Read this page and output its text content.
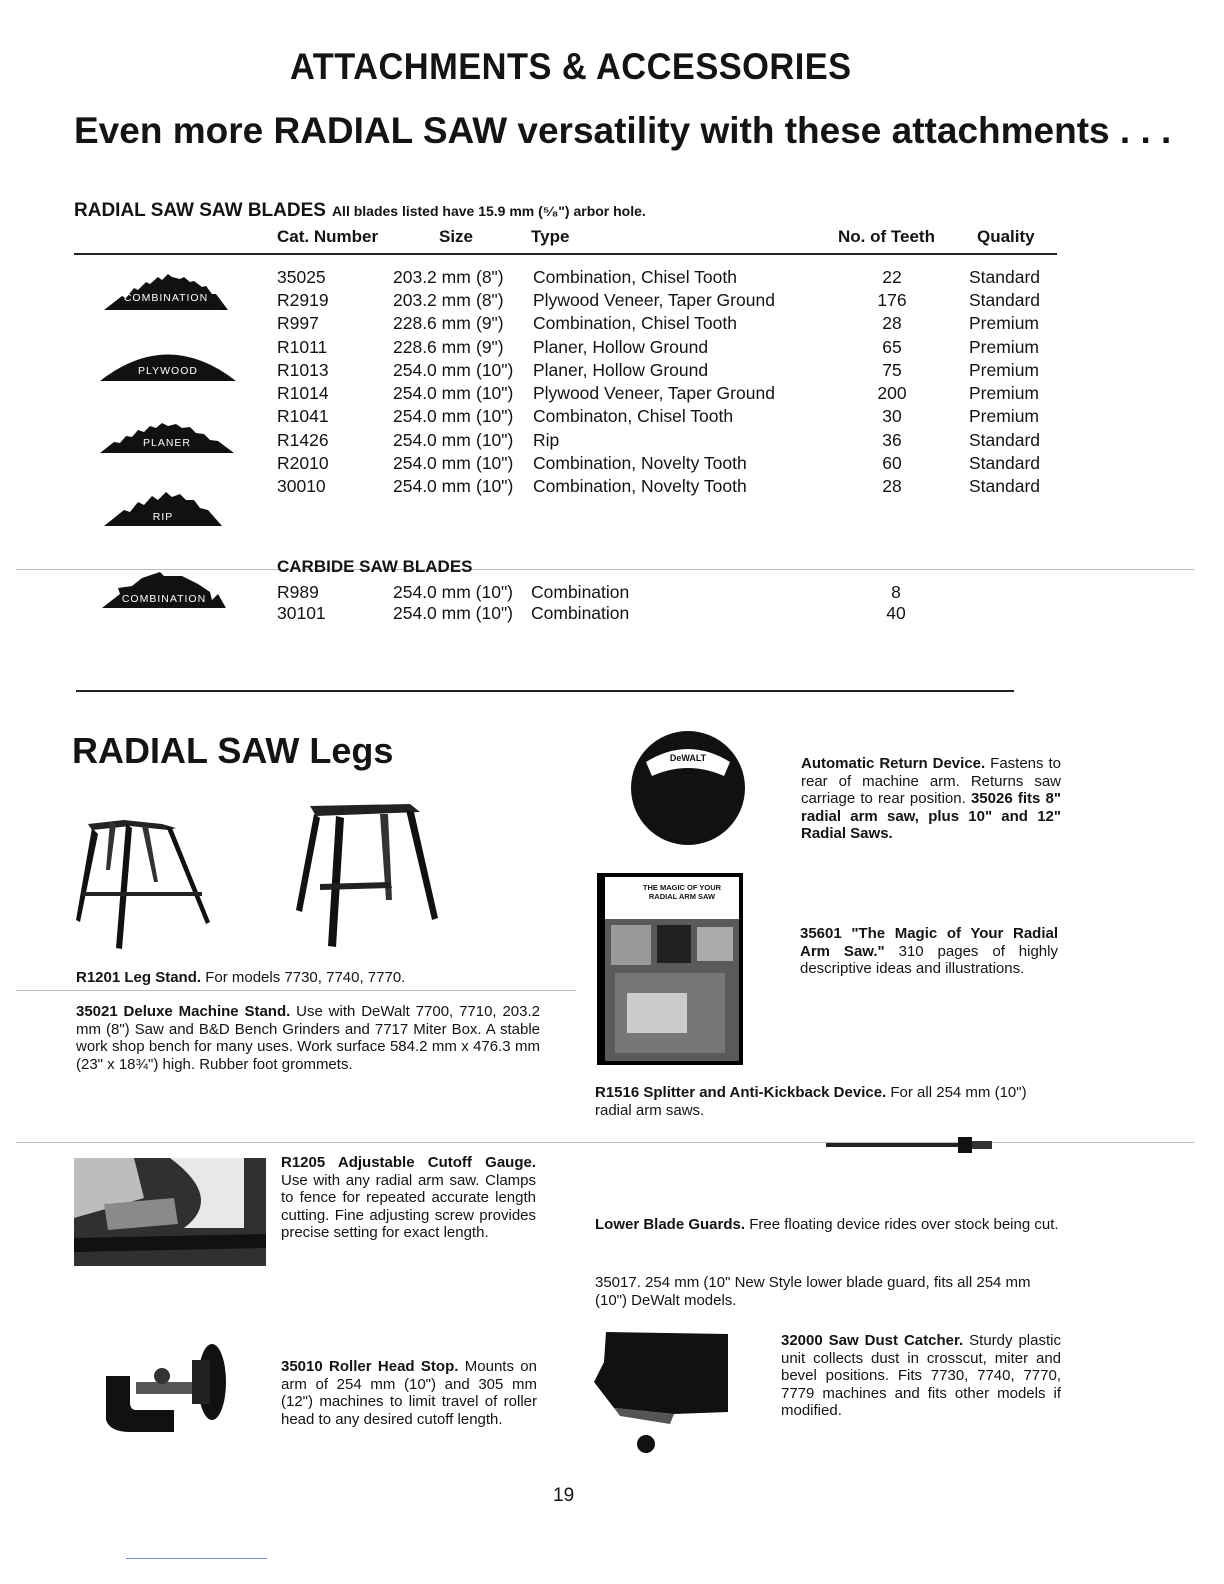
ATTACHMENTS & ACCESSORIES
Even more RADIAL SAW versatility with these attachments . . .
RADIAL SAW SAW BLADES All blades listed have 15.9 mm (⁵⁄₈") arbor hole.
Cat. Number	Size	Type	No. of Teeth Quality
35025	203.2 mm (8") Combination, Chisel Tooth	22	Standard
R2919	203.2 mm (8") Plywood Veneer, Taper Ground	176	Standard
R997	228.6 mm (9") Combination, Chisel Tooth	28	Premium
R1011	228.6 mm (9") Planer, Hollow Ground	65	Premium
R1013	254.0 mm (10") Planer, Hollow Ground	75	Premium
R1014	254.0 mm (10") Plywood Veneer, Taper Ground	200	Premium
R1041	254.0 mm (10") Combinaton, Chisel Tooth	30	Premium
R1426	254.0 mm (10") Rip	36	Standard
R2010	254.0 mm (10") Combination, Novelty Tooth	60	Standard
30010	254.0 mm (10") Combination, Novelty Tooth	28	Standard
COMBINATION
PLYWOOD
PLANER
RIP
COMBINATION
CARBIDE SAW BLADES
R989	254.0 mm (10") Combination	8
30101	254.0 mm (10") Combination	40
RADIAL SAW Legs
R1201 Leg Stand. For models 7730, 7740, 7770.
35021 Deluxe Machine Stand. Use with DeWalt 7700, 7710, 203.2 mm (8") Saw and B&D Bench Grinders and 7717 Miter Box. A stable work shop bench for many uses. Work surface 584.2 mm x 476.3 mm (23" x 18¾") high. Rubber foot grommets.
R1205 Adjustable Cutoff Gauge. Use with any radial arm saw. Clamps to fence for repeated accurate length cutting. Fine adjusting screw provides precise setting for exact length.
35010 Roller Head Stop. Mounts on arm of 254 mm (10") and 305 mm (12") machines to limit travel of roller head to any desired cutoff length.
DeWALT	Automatic Return Device. Fastens to rear of machine arm. Returns saw carriage to rear position. 35026 fits 8" radial arm saw, plus 10" and 12" Radial Saws.
THE MAGIC OF YOUR RADIAL ARM SAW
35601 "The Magic of Your Radial Arm Saw." 310 pages of highly descriptive ideas and illustrations.
R1516 Splitter and Anti-Kickback Device. For all 254 mm (10") radial arm saws.
Lower Blade Guards. Free floating device rides over stock being cut.
35017. 254 mm (10" New Style lower blade guard, fits all 254 mm (10") DeWalt models.
32000 Saw Dust Catcher. Sturdy plastic unit collects dust in crosscut, miter and bevel positions. Fits 7730, 7740, 7770, 7779 machines and fits other models if modified.
19
